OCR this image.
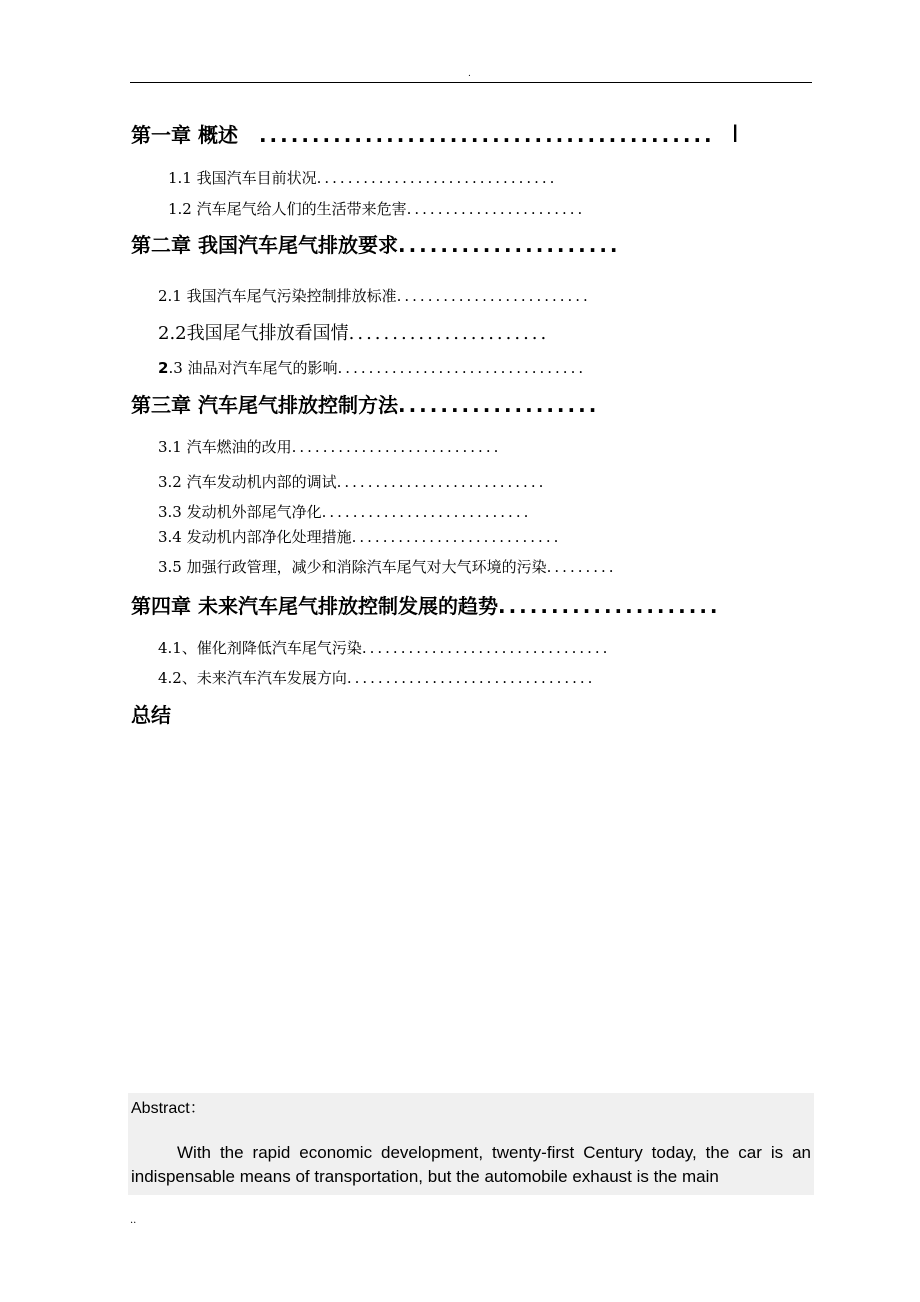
.
第一章 概述 ........................................... I
1.1 我国汽车目前状况...............................
1.2 汽车尾气给人们的生活带来危害.......................
第二章 我国汽车尾气排放要求.....................
2.1 我国汽车尾气污染控制排放标准.........................
2.2我国尾气排放看国情.......................
2.3 油品对汽车尾气的影响................................
第三章 汽车尾气排放控制方法...................
3.1 汽车燃油的改用...........................
3.2 汽车发动机内部的调试...........................
3.3 发动机外部尾气净化...........................
3.4 发动机内部净化处理措施...........................
3.5 加强行政管理，减少和消除汽车尾气对大气环境的污染.........
第四章 未来汽车尾气排放控制发展的趋势.....................
4.1、催化剂降低汽车尾气污染................................
4.2、未来汽车汽车发展方向................................
总结
Abstract：
With the rapid economic development, twenty-first Century today, the car is an indispensable means of transportation, but the automobile exhaust is the main
..
